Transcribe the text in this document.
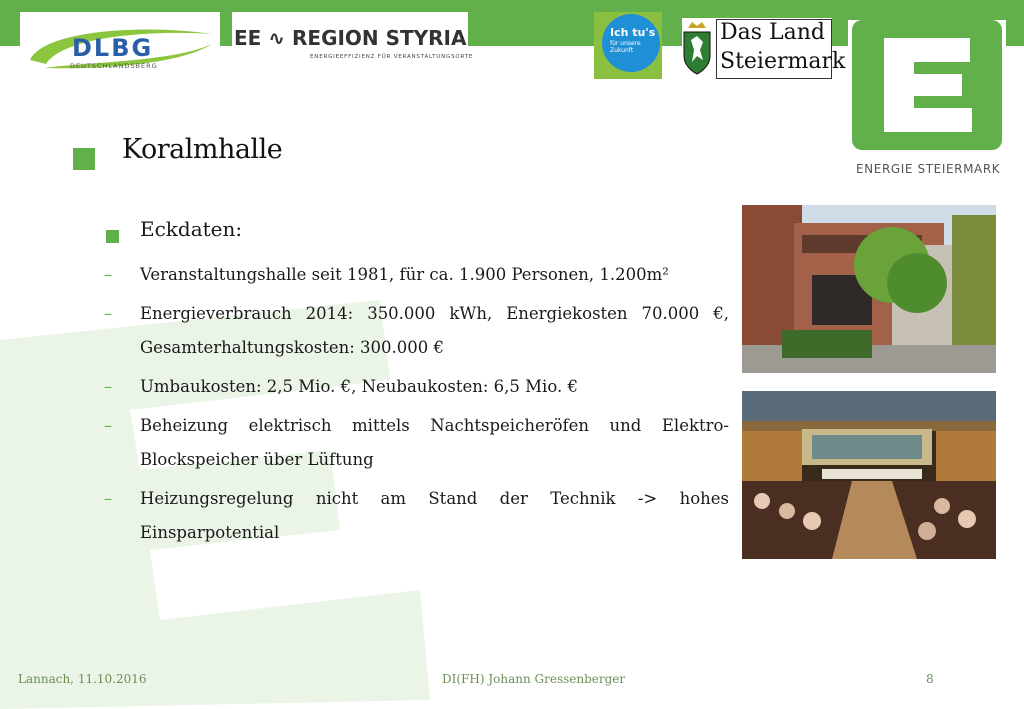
DLBG
DEUTSCHLANDSBERG
EE ∿ REGION STYRIA
ENERGIEEFFIZIENZ FÜR VERANSTALTUNGSORTE
Ich tu's
für unsere Zukunft
Das Land
Steiermark
ENERGIE STEIERMARK
Koralmhalle
Eckdaten:
– Veranstaltungshalle seit 1981, für ca. 1.900 Personen, 1.200m²
– Energieverbrauch 2014: 350.000 kWh, Energiekosten 70.000 €, Gesamterhaltungskosten: 300.000 €
– Umbaukosten: 2,5 Mio. €, Neubaukosten: 6,5 Mio. €
– Beheizung elektrisch mittels Nachtspeicheröfen und Elektro-Blockspeicher über Lüftung
– Heizungsregelung nicht am Stand der Technik -> hohes Einsparpotential
Lannach, 11.10.2016	DI(FH) Johann Gressenberger	8
